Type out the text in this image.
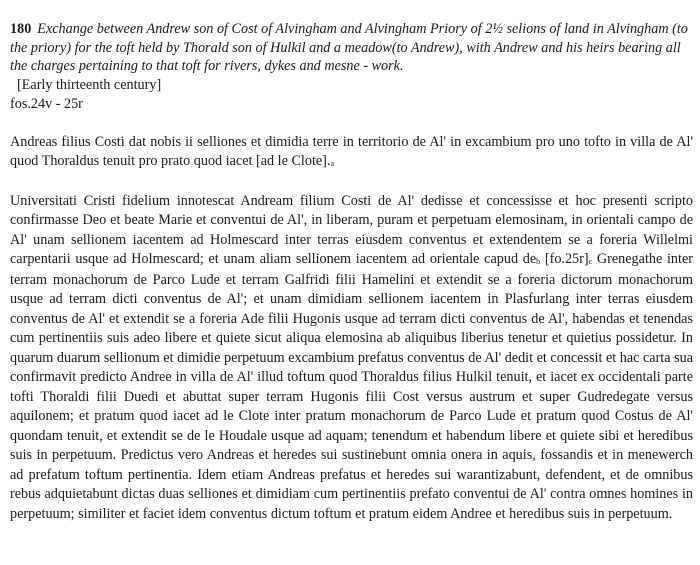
180 Exchange between Andrew son of Cost of Alvingham and Alvingham Priory of 2½ selions of land in Alvingham (to the priory) for the toft held by Thorald son of Hulkil and a meadow(to Andrew), with Andrew and his heirs bearing all the charges pertaining to that toft for rivers, dykes and mesne - work.

[Early thirteenth century]

fos.24v - 25r

Andreas filius Costi dat nobis ii selliones et dimidia terre in territorio de Al' in excambium pro uno tofto in villa de Al' quod Thoraldus tenuit pro prato quod iacet [ad le Clote].a

Universitati Cristi fidelium innotescat Andream filium Costi de Al' dedisse et concessisse et hoc presenti scripto confirmasse Deo et beate Marie et conventui de Al', in liberam, puram et perpetuam elemosinam, in orientali campo de Al' unam sellionem iacentem ad Holmescard inter terras eiusdem conventus et extendentem se a foreria Willelmi carpentarii usque ad Holmescard; et unam aliam sellionem iacentem ad orientale capud deb [fo.25r]c Grenegathe inter terram monachorum de Parco Lude et terram Galfridi filii Hamelini et extendit se a foreria dictorum monachorum usque ad terram dicti conventus de Al'; et unam dimidiam sellionem iacentem in Plasfurlang inter terras eiusdem conventus de Al' et extendit se a foreria Ade filii Hugonis usque ad terram dicti conventus de Al', habendas et tenendas cum pertinentiis suis adeo libere et quiete sicut aliqua elemosina ab aliquibus liberius tenetur et quietius possidetur. In quarum duarum sellionum et dimidie perpetuum excambium prefatus conventus de Al' dedit et concessit et hac carta sua confirmavit predicto Andree in villa de Al' illud toftum quod Thoraldus filius Hulkil tenuit, et iacet ex occidentali parte tofti Thoraldi filii Duedi et abuttat super terram Hugonis filii Cost versus austrum et super Gudredegate versus aquilonem; et pratum quod iacet ad le Clote inter pratum monachorum de Parco Lude et pratum quod Costus de Al' quondam tenuit, et extendit se de le Houdale usque ad aquam; tenendum et habendum libere et quiete sibi et heredibus suis in perpetuum. Predictus vero Andreas et heredes sui sustinebunt omnia onera in aquis, fossandis et in menewerch ad prefatum toftum pertinentia. Idem etiam Andreas prefatus et heredes sui warantizabunt, defendent, et de omnibus rebus adquietabunt dictas duas selliones et dimidiam cum pertinentiis prefato conventui de Al' contra omnes homines in perpetuum; similiter et faciet idem conventus dictum toftum et pratum eidem Andree et heredibus suis in perpetuum.
